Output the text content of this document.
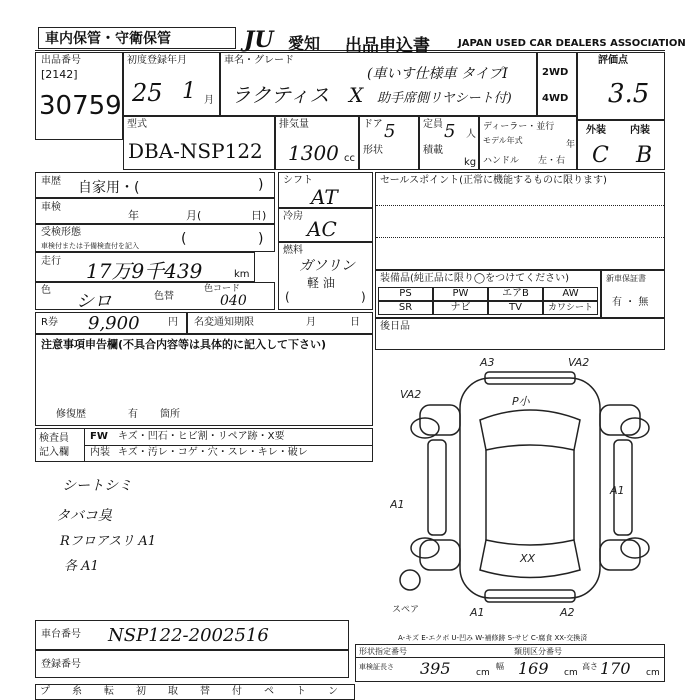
車内保管・守衛保管	JU 愛知 出品申込書	JAPAN USED CAR DEALERS ASSOCIATION
出品番号
[2142]
30759
初度登録年月
25 1 月
車名・グレード
ラクティス X
(車いす仕様車 タイプI
助手席側リヤシート付)
2WD
4WD
評価点
3.5
型式
DBA-NSP122
排気量
1300 cc
ドア 5
形状
定員 5 人
積載
kg
ディーラー・並行
モデル年式	年
ハンドル 左・右
外装 内装
C B
車歴 自家用・(	)
車検
年	月(	日)
受検形態
車検付または予備検査付を記入	(	)
走行 17万9千439	km
色
シロ	色替
色コード
040
シフト
AT
冷房
AC
燃料
ガソリン
軽 油
(	)
セールスポイント(正常に機能するものに限ります)
装備品(純正品に限り◯をつけてください)
PS	PW	エアB	AW
SR	ナビ	TV	カワシート
新車保証書
有 ・ 無
R券 9,900	円 名変通知期限	月	日 後日品
注意事項申告欄(不具合内容等は具体的に記入して下さい)
修復歴	有 箇所
検査員
記入欄
FW キズ・凹石・ヒビ割・リペア跡・X要
内装 キズ・汚レ・コゲ・穴・スレ・キレ・破レ
シートシミ
タバコ臭
Rフロアスリ A1
各 A1
A3	VA2
VA2
P小
A1
A1
A1	A2
XX
スペア
A-キズ E-エクボ U-凹み W-補修跡 S-サビ C-腐食 XX-交換済
車台番号 NSP122-2002516
登録番号
形状指定番号	類別区分番号
車検証長さ 395	cm
幅 169 cm
高さ 170 cm
プ 糸 転 初 取 替 付 ペ ト ン
